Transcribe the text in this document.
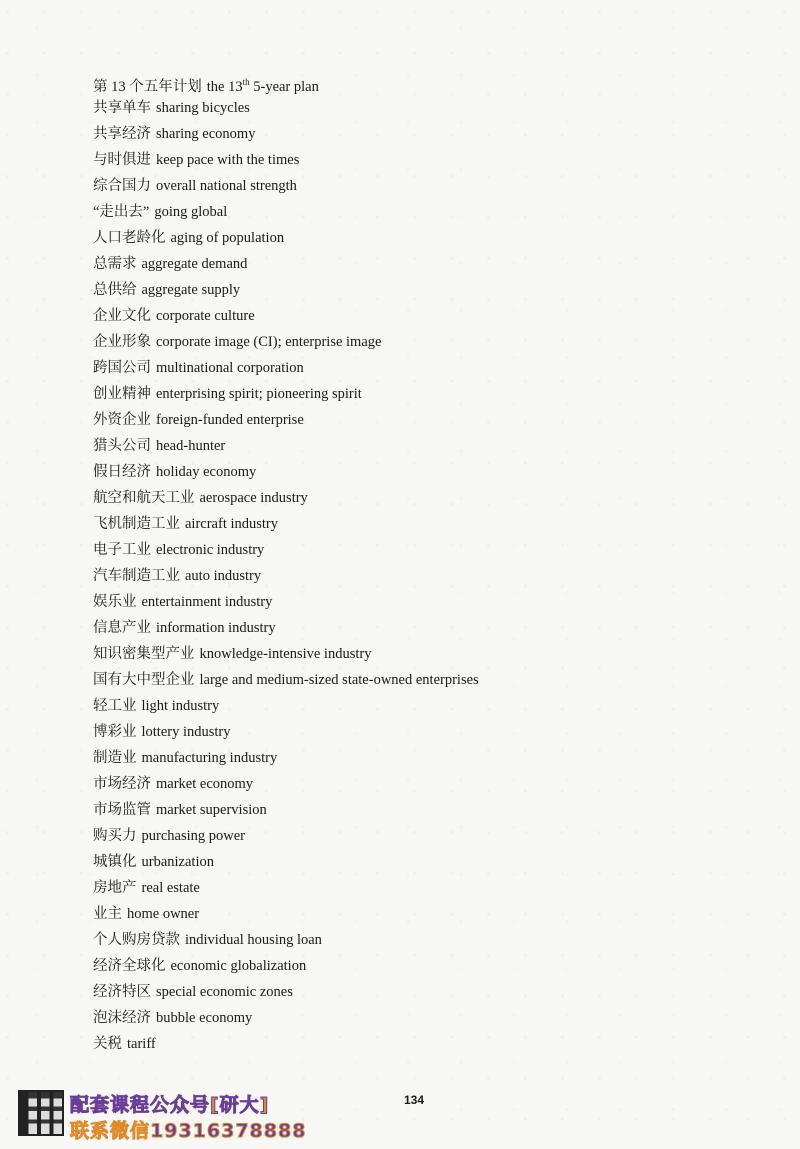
第 13 个五年计划 the 13th 5-year plan
共享单车 sharing bicycles
共享经济 sharing economy
与时俱进 keep pace with the times
综合国力 overall national strength
“走出去” going global
人口老龄化 aging of population
总需求 aggregate demand
总供给 aggregate supply
企业文化 corporate culture
企业形象 corporate image (CI); enterprise image
跨国公司 multinational corporation
创业精神 enterprising spirit; pioneering spirit
外资企业 foreign-funded enterprise
猎头公司 head-hunter
假日经济 holiday economy
航空和航天工业 aerospace industry
飞机制造工业 aircraft industry
电子工业 electronic industry
汽车制造工业 auto industry
娱乐业 entertainment industry
信息产业 information industry
知识密集型产业 knowledge-intensive industry
国有大中型企业 large and medium-sized state-owned enterprises
轻工业 light industry
博彩业 lottery industry
制造业 manufacturing industry
市场经济 market economy
市场监管 market supervision
购买力 purchasing power
城镇化 urbanization
房地产 real estate
业主 home owner
个人购房贷款 individual housing loan
经济全球化 economic globalization
经济特区 special economic zones
泡沫经济 bubble economy
关税 tariff
134
配套课程公众号[研大]
联系微信19316378888
